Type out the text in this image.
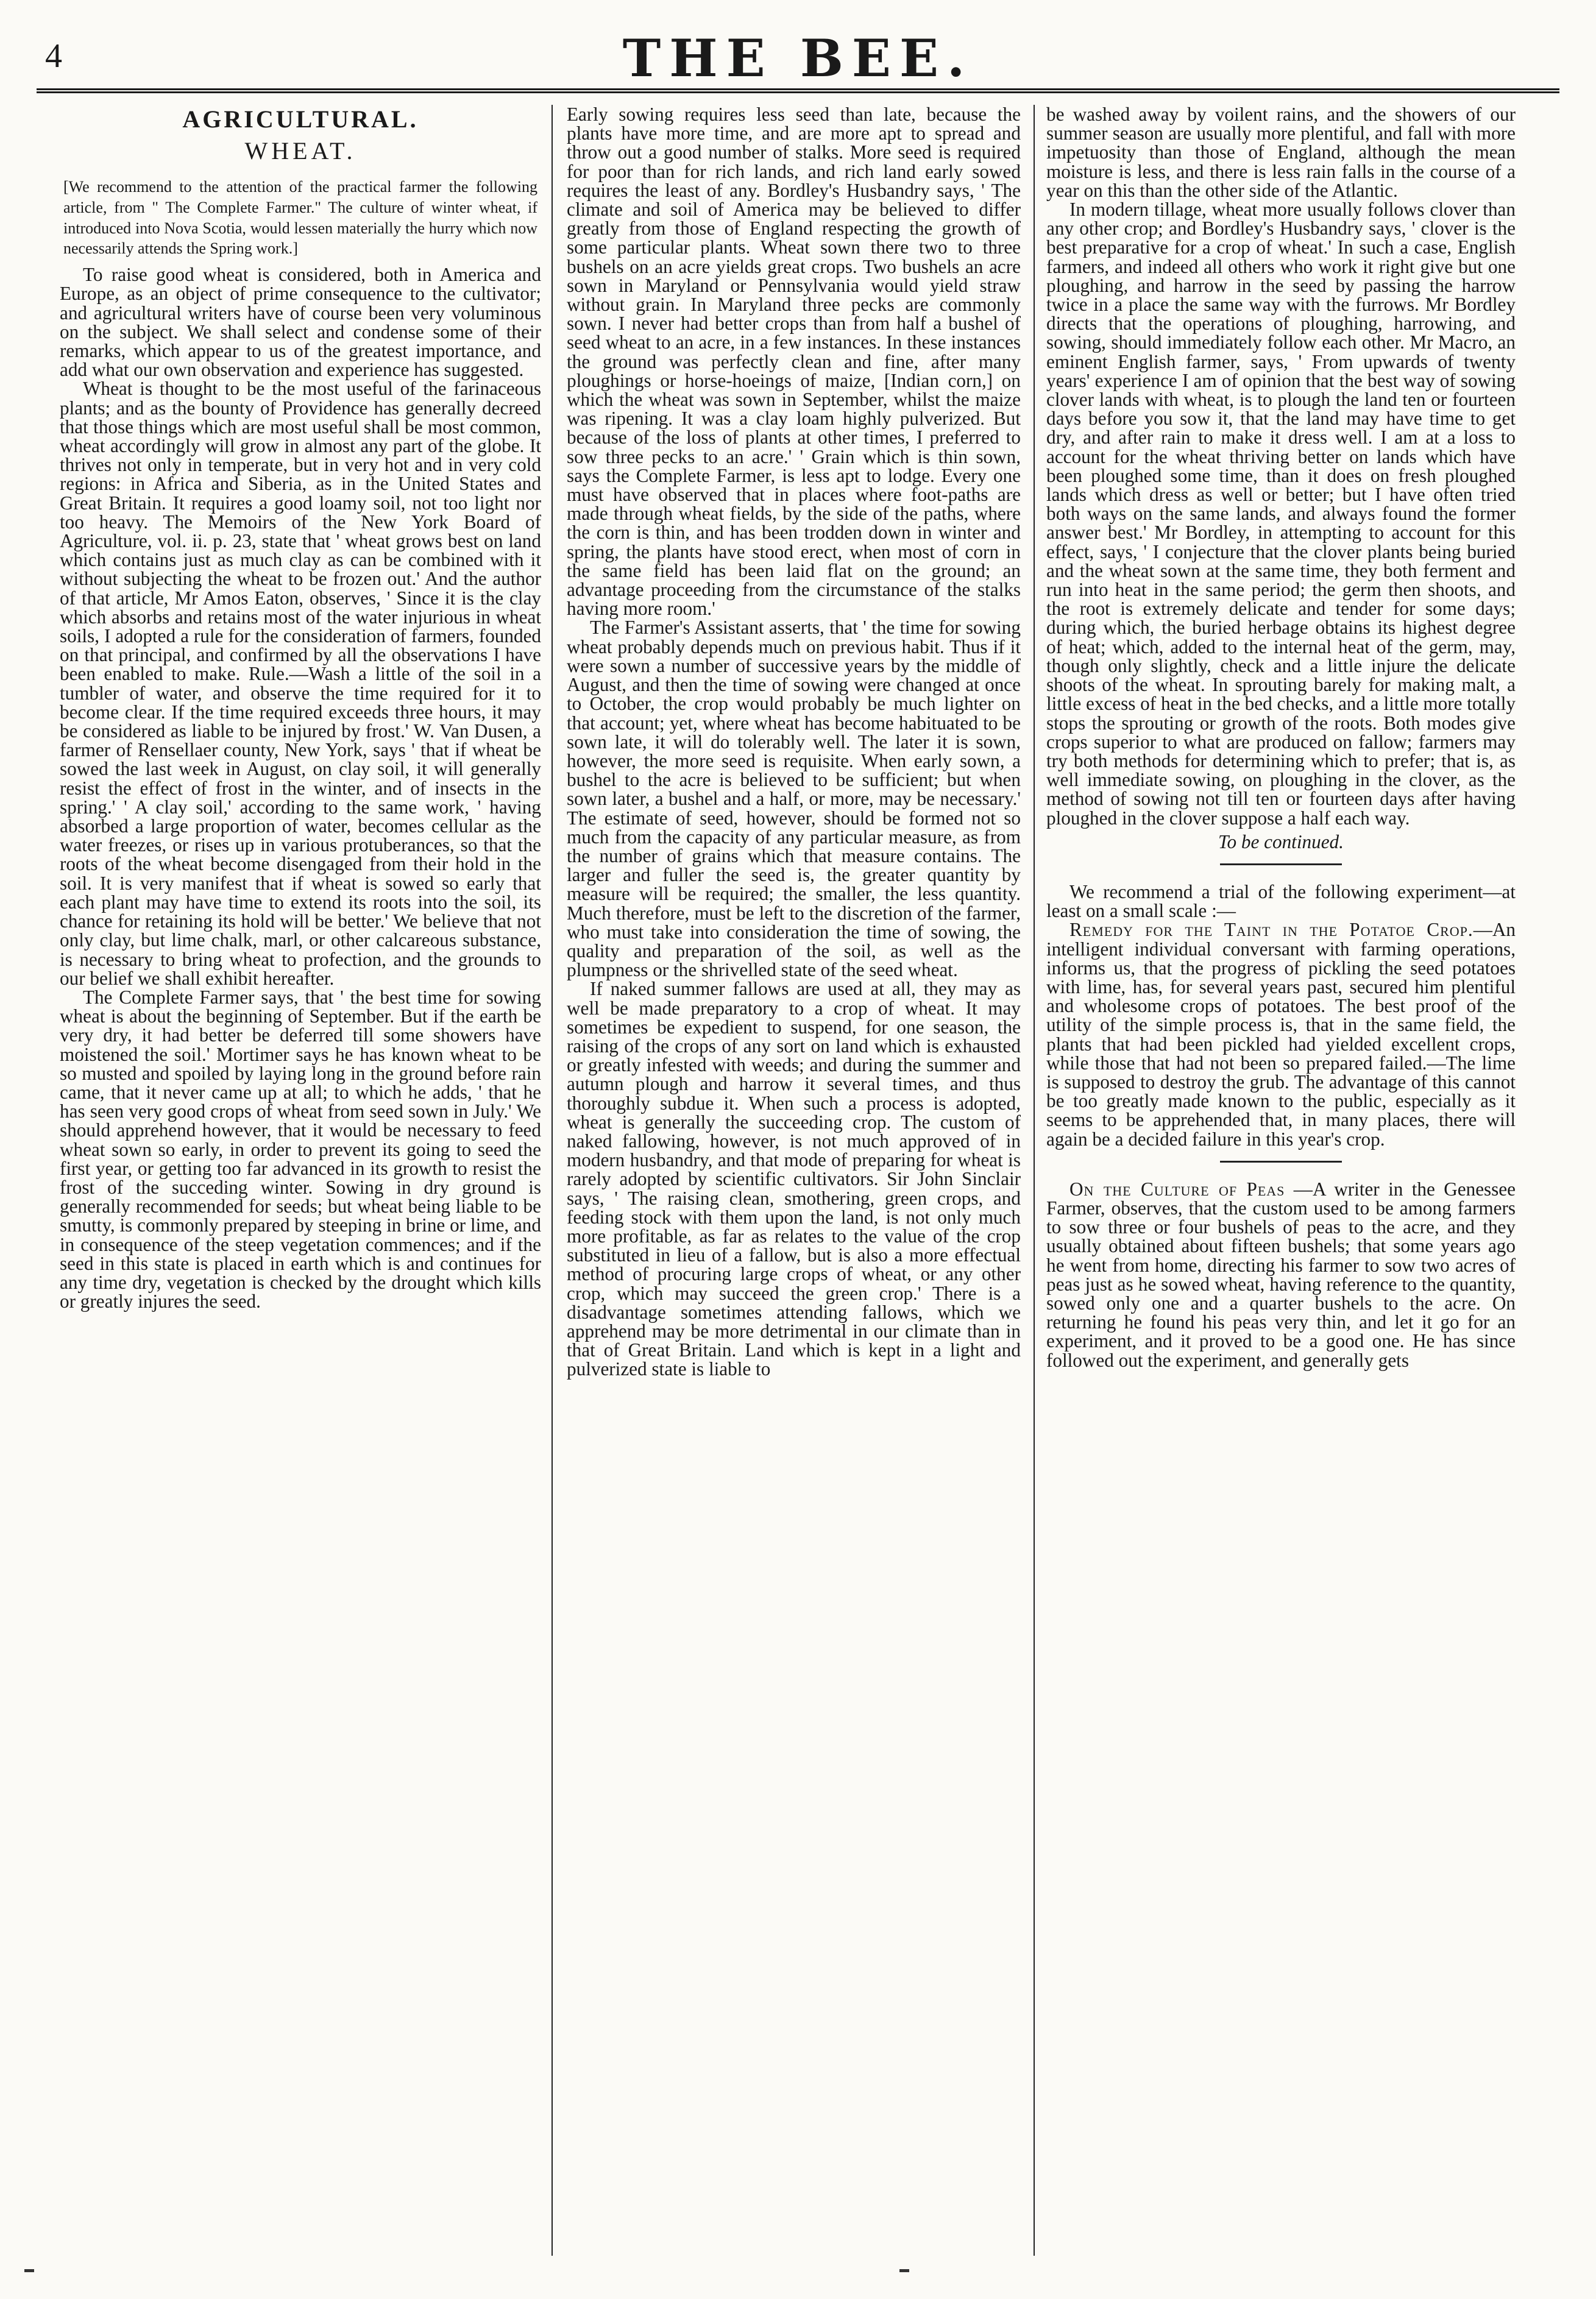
4	THE BEE.
AGRICULTURAL.
WHEAT.
[We recommend to the attention of the practical farmer the following article, from " The Complete Farmer." The culture of winter wheat, if introduced into Nova Scotia, would lessen materially the hurry which now necessarily attends the Spring work.]

To raise good wheat is considered, both in America and Europe, as an object of prime consequence to the cultivator; and agricultural writers have of course been very voluminous on the subject. We shall select and condense some of their remarks, which appear to us of the greatest importance, and add what our own observation and experience has suggested.

Wheat is thought to be the most useful of the farinaceous plants; and as the bounty of Providence has generally decreed that those things which are most useful shall be most common, wheat accordingly will grow in almost any part of the globe. It thrives not only in temperate, but in very hot and in very cold regions: in Africa and Siberia, as in the United States and Great Britain. It requires a good loamy soil, not too light nor too heavy. The Memoirs of the New York Board of Agriculture, vol. ii. p. 23, state that ' wheat grows best on land which contains just as much clay as can be combined with it without subjecting the wheat to be frozen out.' And the author of that article, Mr Amos Eaton, observes, ' Since it is the clay which absorbs and retains most of the water injurious in wheat soils, I adopted a rule for the consideration of farmers, founded on that principal, and confirmed by all the observations I have been enabled to make. Rule.—Wash a little of the soil in a tumbler of water, and observe the time required for it to become clear. If the time required exceeds three hours, it may be considered as liable to be injured by frost.' W. Van Dusen, a farmer of Rensellaer county, New York, says ' that if wheat be sowed the last week in August, on clay soil, it will generally resist the effect of frost in the winter, and of insects in the spring.' ' A clay soil,' according to the same work, ' having absorbed a large proportion of water, becomes cellular as the water freezes, or rises up in various protuberances, so that the roots of the wheat become disengaged from their hold in the soil. It is very manifest that if wheat is sowed so early that each plant may have time to extend its roots into the soil, its chance for retaining its hold will be better.' We believe that not only clay, but lime chalk, marl, or other calcareous substance, is necessary to bring wheat to profection, and the grounds to our belief we shall exhibit hereafter.

The Complete Farmer says, that ' the best time for sowing wheat is about the beginning of September. But if the earth be very dry, it had better be deferred till some showers have moistened the soil.' Mortimer says he has known wheat to be so musted and spoiled by laying long in the ground before rain came, that it never came up at all; to which he adds, ' that he has seen very good crops of wheat from seed sown in July.' We should apprehend however, that it would be necessary to feed wheat sown so early, in order to prevent its going to seed the first year, or getting too far advanced in its growth to resist the frost of the succeding winter. Sowing in dry ground is generally recommended for seeds; but wheat being liable to be smutty, is commonly prepared by steeping in brine or lime, and in consequence of the steep vegetation commences; and if the seed in this state is placed in earth which is and continues for any time dry, vegetation is checked by the drought which kills or greatly injures the seed.

Early sowing requires less seed than late, because the plants have more time, and are more apt to spread and throw out a good number of stalks. More seed is required for poor than for rich lands, and rich land early sowed requires the least of any. Bordley's Husbandry says, ' The climate and soil of America may be believed to differ greatly from those of England respecting the growth of some particular plants. Wheat sown there two to three bushels on an acre yields great crops. Two bushels an acre sown in Maryland or Pennsylvania would yield straw without grain. In Maryland three pecks are commonly sown. I never had better crops than from half a bushel of seed wheat to an acre, in a few instances. In these instances the ground was perfectly clean and fine, after many ploughings or horse-hoeings of maize, [Indian corn,] on which the wheat was sown in September, whilst the maize was ripening. It was a clay loam highly pulverized. But because of the loss of plants at other times, I preferred to sow three pecks to an acre.' ' Grain which is thin sown, says the Complete Farmer, is less apt to lodge. Every one must have observed that in places where foot-paths are made through wheat fields, by the side of the paths, where the corn is thin, and has been trodden down in winter and spring, the plants have stood erect, when most of corn in the same field has been laid flat on the ground; an advantage proceeding from the circumstance of the stalks having more room.'

The Farmer's Assistant asserts, that ' the time for sowing wheat probably depends much on previous habit. Thus if it were sown a number of successive years by the middle of August, and then the time of sowing were changed at once to October, the crop would probably be much lighter on that account; yet, where wheat has become habituated to be sown late, it will do tolerably well. The later it is sown, however, the more seed is requisite. When early sown, a bushel to the acre is believed to be sufficient; but when sown later, a bushel and a half, or more, may be necessary.' The estimate of seed, however, should be formed not so much from the capacity of any particular measure, as from the number of grains which that measure contains. The larger and fuller the seed is, the greater quantity by measure will be required; the smaller, the less quantity. Much therefore, must be left to the discretion of the farmer, who must take into consideration the time of sowing, the quality and preparation of the soil, as well as the plumpness or the shrivelled state of the seed wheat.

If naked summer fallows are used at all, they may as well be made preparatory to a crop of wheat. It may sometimes be expedient to suspend, for one season, the raising of the crops of any sort on land which is exhausted or greatly infested with weeds; and during the summer and autumn plough and harrow it several times, and thus thoroughly subdue it. When such a process is adopted, wheat is generally the succeeding crop. The custom of naked fallowing, however, is not much approved of in modern husbandry, and that mode of preparing for wheat is rarely adopted by scientific cultivators. Sir John Sinclair says, ' The raising clean, smothering, green crops, and feeding stock with them upon the land, is not only much more profitable, as far as relates to the value of the crop substituted in lieu of a fallow, but is also a more effectual method of procuring large crops of wheat, or any other crop, which may succeed the green crop.' There is a disadvantage sometimes attending fallows, which we apprehend may be more detrimental in our climate than in that of Great Britain. Land which is kept in a light and pulverized state is liable to

be washed away by voilent rains, and the showers of our summer season are usually more plentiful, and fall with more impetuosity than those of England, although the mean moisture is less, and there is less rain falls in the course of a year on this than the other side of the Atlantic.

In modern tillage, wheat more usually follows clover than any other crop; and Bordley's Husbandry says, ' clover is the best preparative for a crop of wheat.' In such a case, English farmers, and indeed all others who work it right give but one ploughing, and harrow in the seed by passing the harrow twice in a place the same way with the furrows. Mr Bordley directs that the operations of ploughing, harrowing, and sowing, should immediately follow each other. Mr Macro, an eminent English farmer, says, ' From upwards of twenty years' experience I am of opinion that the best way of sowing clover lands with wheat, is to plough the land ten or fourteen days before you sow it, that the land may have time to get dry, and after rain to make it dress well. I am at a loss to account for the wheat thriving better on lands which have been ploughed some time, than it does on fresh ploughed lands which dress as well or better; but I have often tried both ways on the same lands, and always found the former answer best.' Mr Bordley, in attempting to account for this effect, says, ' I conjecture that the clover plants being buried and the wheat sown at the same time, they both ferment and run into heat in the same period; the germ then shoots, and the root is extremely delicate and tender for some days; during which, the buried herbage obtains its highest degree of heat; which, added to the internal heat of the germ, may, though only slightly, check and a little injure the delicate shoots of the wheat. In sprouting barely for making malt, a little excess of heat in the bed checks, and a little more totally stops the sprouting or growth of the roots. Both modes give crops superior to what are produced on fallow; farmers may try both methods for determining which to prefer; that is, as well immediate sowing, on ploughing in the clover, as the method of sowing not till ten or fourteen days after having ploughed in the clover suppose a half each way.

To be continued.

We recommend a trial of the following experiment—at least on a small scale :—

Remedy for the Taint in the Potatoe Crop.—An intelligent individual conversant with farming operations, informs us, that the progress of pickling the seed potatoes with lime, has, for several years past, secured him plentiful and wholesome crops of potatoes. The best proof of the utility of the simple process is, that in the same field, the plants that had been pickled had yielded excellent crops, while those that had not been so prepared failed.—The lime is supposed to destroy the grub. The advantage of this cannot be too greatly made known to the public, especially as it seems to be apprehended that, in many places, there will again be a decided failure in this year's crop.

On the Culture of Peas —A writer in the Genessee Farmer, observes, that the custom used to be among farmers to sow three or four bushels of peas to the acre, and they usually obtained about fifteen bushels; that some years ago he went from home, directing his farmer to sow two acres of peas just as he sowed wheat, having reference to the quantity, sowed only one and a quarter bushels to the acre. On returning he found his peas very thin, and let it go for an experiment, and it proved to be a good one. He has since followed out the experiment, and generally gets
